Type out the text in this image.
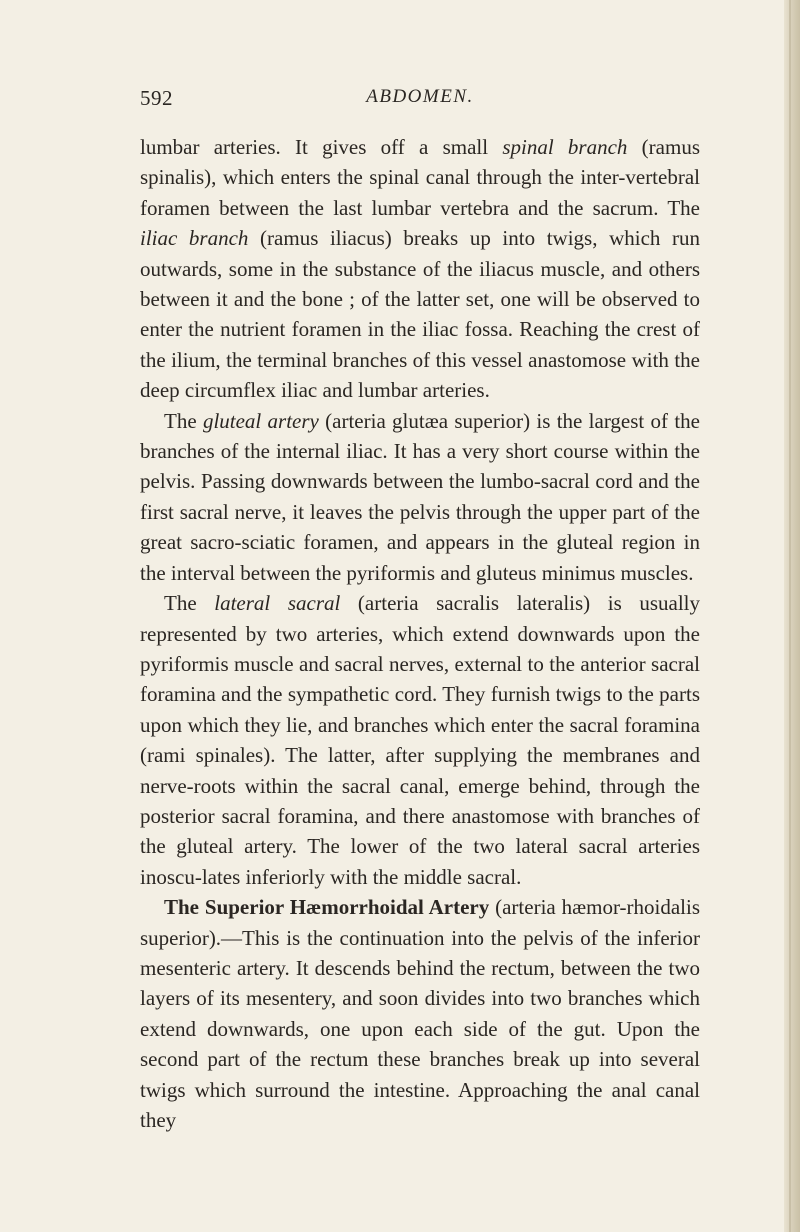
592	ABDOMEN.

lumbar arteries. It gives off a small spinal branch (ramus spinalis), which enters the spinal canal through the inter-vertebral foramen between the last lumbar vertebra and the sacrum. The iliac branch (ramus iliacus) breaks up into twigs, which run outwards, some in the substance of the iliacus muscle, and others between it and the bone ; of the latter set, one will be observed to enter the nutrient foramen in the iliac fossa. Reaching the crest of the ilium, the terminal branches of this vessel anastomose with the deep circumflex iliac and lumbar arteries.

The gluteal artery (arteria glutæa superior) is the largest of the branches of the internal iliac. It has a very short course within the pelvis. Passing downwards between the lumbo-sacral cord and the first sacral nerve, it leaves the pelvis through the upper part of the great sacro-sciatic foramen, and appears in the gluteal region in the interval between the pyriformis and gluteus minimus muscles.

The lateral sacral (arteria sacralis lateralis) is usually represented by two arteries, which extend downwards upon the pyriformis muscle and sacral nerves, external to the anterior sacral foramina and the sympathetic cord. They furnish twigs to the parts upon which they lie, and branches which enter the sacral foramina (rami spinales). The latter, after supplying the membranes and nerve-roots within the sacral canal, emerge behind, through the posterior sacral foramina, and there anastomose with branches of the gluteal artery. The lower of the two lateral sacral arteries inoscu-lates inferiorly with the middle sacral.

The Superior Hæmorrhoidal Artery (arteria hæmor-rhoidalis superior).—This is the continuation into the pelvis of the inferior mesenteric artery. It descends behind the rectum, between the two layers of its mesentery, and soon divides into two branches which extend downwards, one upon each side of the gut. Upon the second part of the rectum these branches break up into several twigs which surround the intestine. Approaching the anal canal they
